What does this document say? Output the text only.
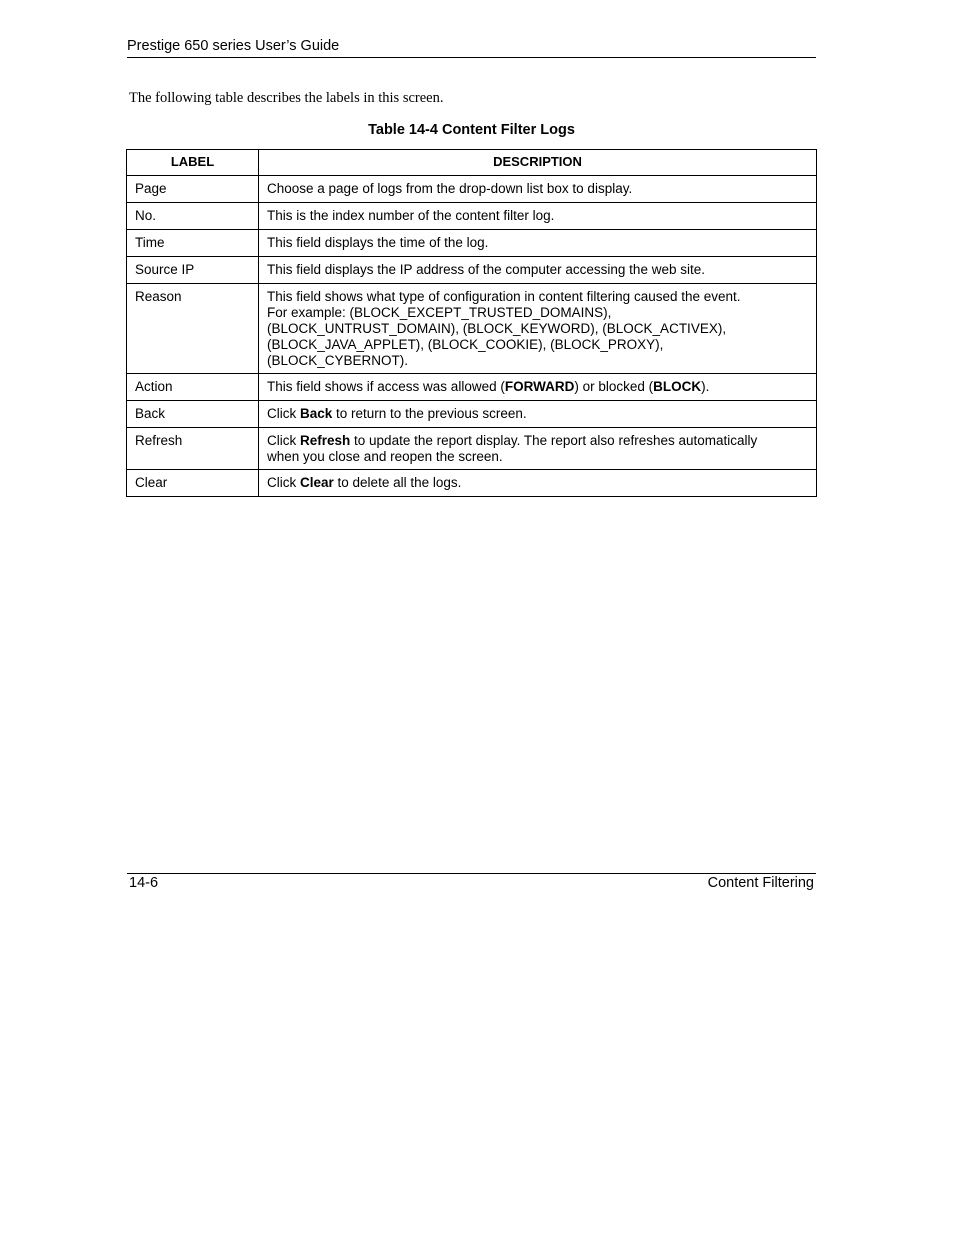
Prestige 650 series User’s Guide
The following table describes the labels in this screen.
Table 14-4 Content Filter Logs
LABEL	DESCRIPTION
Page	Choose a page of logs from the drop-down list box to display.
No.	This is the index number of the content filter log.
Time	This field displays the time of the log.
Source IP	This field displays the IP address of the computer accessing the web site.
Reason	This field shows what type of configuration in content filtering caused the event.
For example: (BLOCK_EXCEPT_TRUSTED_DOMAINS),
(BLOCK_UNTRUST_DOMAIN), (BLOCK_KEYWORD), (BLOCK_ACTIVEX),
(BLOCK_JAVA_APPLET), (BLOCK_COOKIE), (BLOCK_PROXY),
(BLOCK_CYBERNOT).

Action	This field shows if access was allowed (FORWARD) or blocked (BLOCK).
Back	Click Back to return to the previous screen.
Refresh	Click Refresh to update the report display. The report also refreshes automatically
when you close and reopen the screen.

Clear	Click Clear to delete all the logs.
14-6	Content Filtering
